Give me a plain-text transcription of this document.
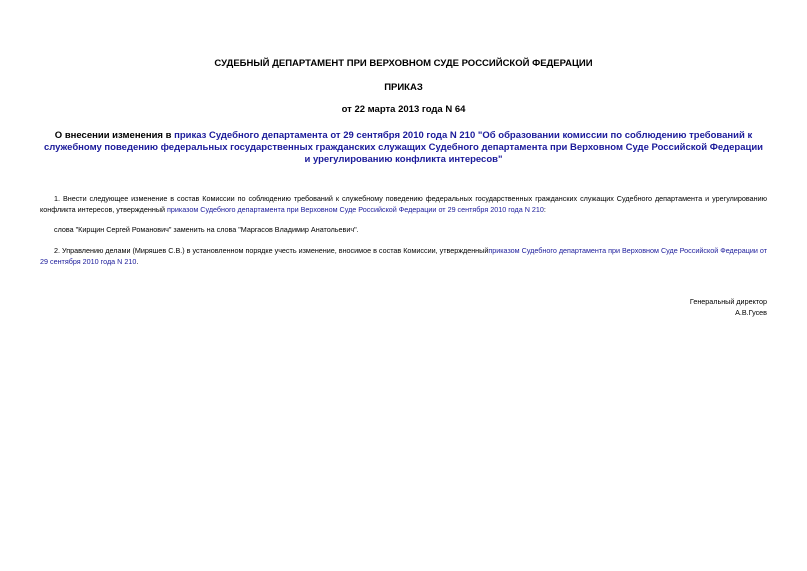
СУДЕБНЫЙ ДЕПАРТАМЕНТ ПРИ ВЕРХОВНОМ СУДЕ РОССИЙСКОЙ ФЕДЕРАЦИИ
ПРИКАЗ
от 22 марта 2013 года N 64
О внесении изменения в приказ Судебного департамента от 29 сентября 2010 года N 210 "Об образовании комиссии по соблюдению требований к служебному поведению федеральных государственных гражданских служащих Судебного департамента при Верховном Суде Российской Федерации и урегулированию конфликта интересов"
1. Внести следующее изменение в состав Комиссии по соблюдению требований к служебному поведению федеральных государственных гражданских служащих Судебного департамента и урегулированию конфликта интересов, утвержденный приказом Судебного департамента при Верховном Суде Российской Федерации от 29 сентября 2010 года N 210:
слова "Кирщин Сергей Романович" заменить на слова "Маргасов Владимир Анатольевич".
2. Управлению делами (Миряшев С.В.) в установленном порядке учесть изменение, вносимое в состав Комиссии, утвержденныйприказом Судебного департамента при Верховном Суде Российской Федерации от 29 сентября 2010 года N 210.
Генеральный директор
А.В.Гусев
